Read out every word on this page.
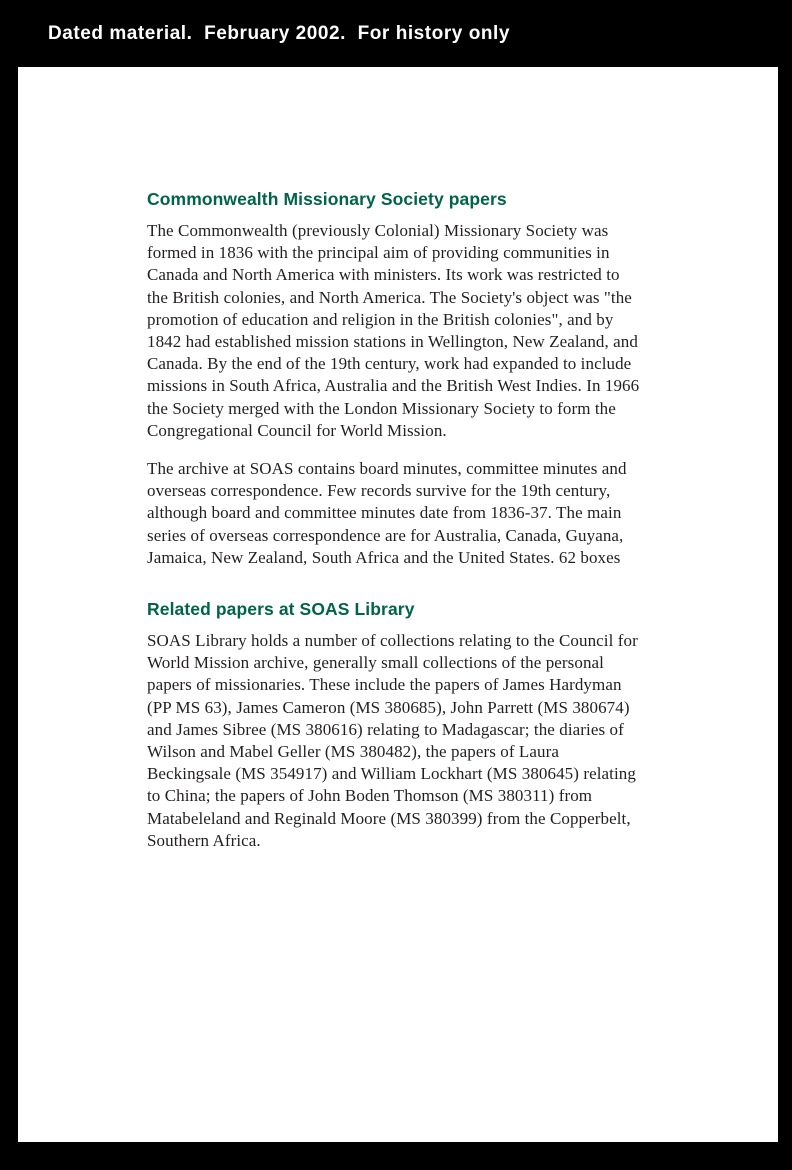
Dated material.  February 2002.  For history only
Commonwealth Missionary Society papers

The Commonwealth (previously Colonial) Missionary Society was formed in 1836 with the principal aim of providing communities in Canada and North America with ministers. Its work was restricted to the British colonies, and North America. The Society's object was "the promotion of education and religion in the British colonies", and by 1842 had established mission stations in Wellington, New Zealand, and Canada. By the end of the 19th century, work had expanded to include missions in South Africa, Australia and the British West Indies. In 1966 the Society merged with the London Missionary Society to form the Congregational Council for World Mission.

The archive at SOAS contains board minutes, committee minutes and overseas correspondence. Few records survive for the 19th century, although board and committee minutes date from 1836-37. The main series of overseas correspondence are for Australia, Canada, Guyana, Jamaica, New Zealand, South Africa and the United States. 62 boxes

Related papers at SOAS Library

SOAS Library holds a number of collections relating to the Council for World Mission archive, generally small collections of the personal papers of missionaries. These include the papers of James Hardyman (PP MS 63), James Cameron (MS 380685), John Parrett (MS 380674) and James Sibree (MS 380616) relating to Madagascar; the diaries of Wilson and Mabel Geller (MS 380482), the papers of Laura Beckingsale (MS 354917) and William Lockhart (MS 380645) relating to China; the papers of John Boden Thomson (MS 380311) from Matabeleland and Reginald Moore (MS 380399) from the Copperbelt, Southern Africa.
